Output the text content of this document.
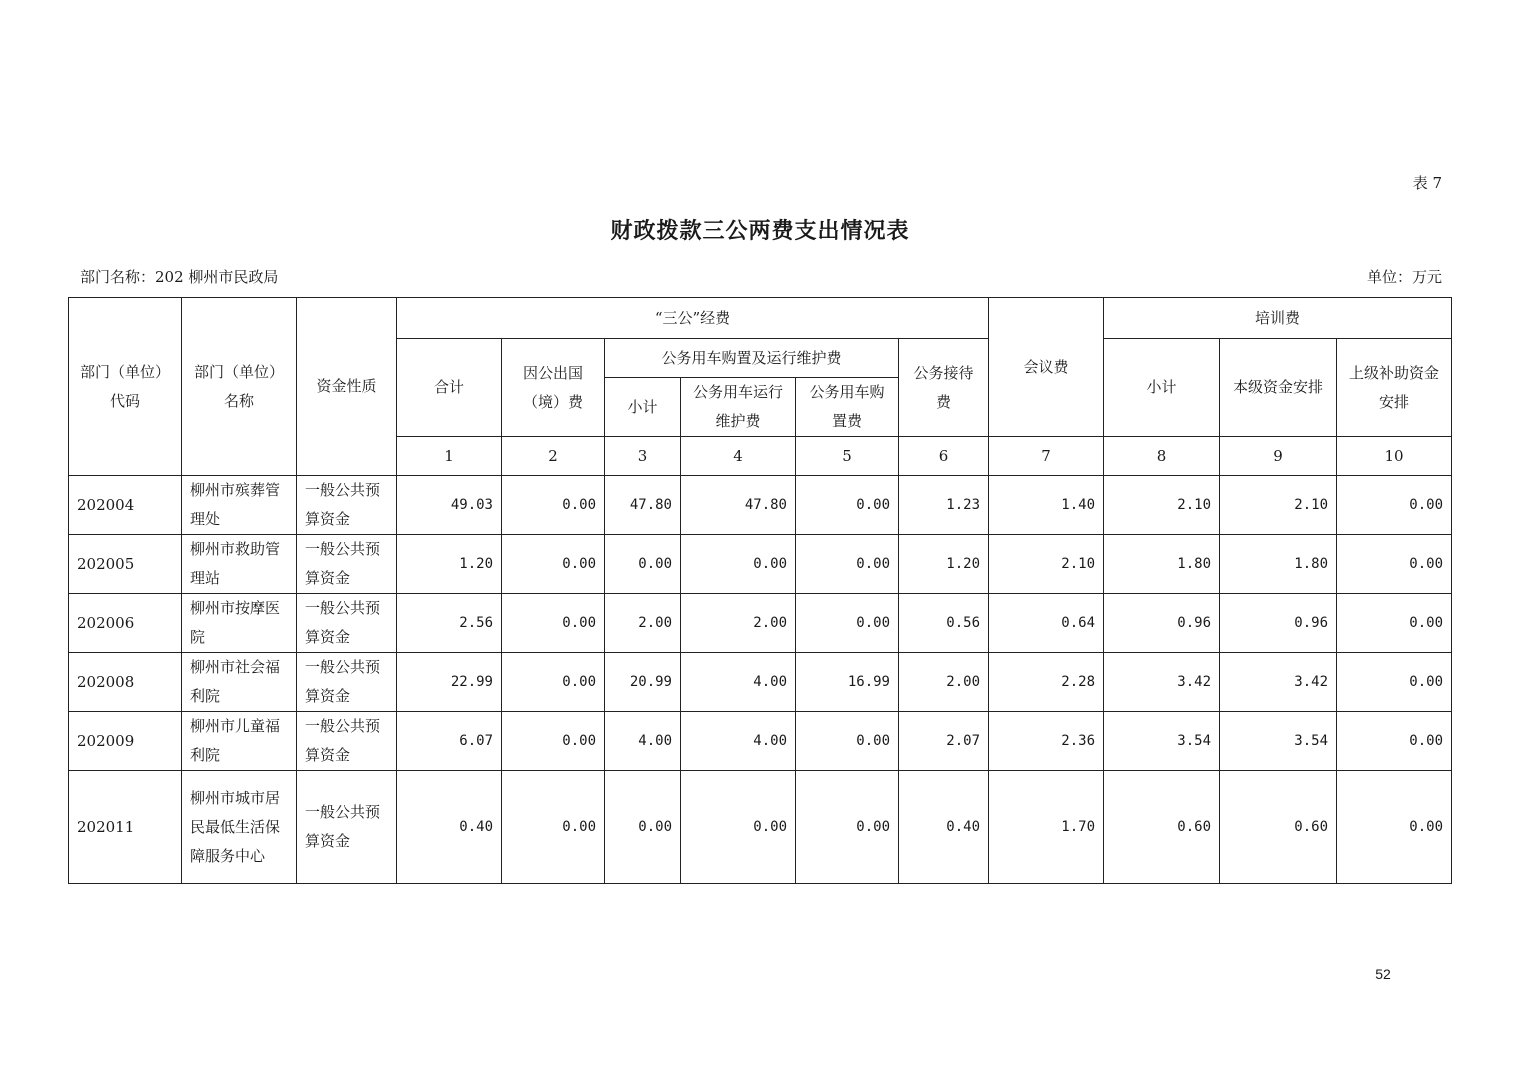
表 7
财政拨款三公两费支出情况表
部门名称：202 柳州市民政局	单位：万元
部门（单位）代码	部门（单位）名称	资金性质	“三公”经费						会议费	培训费		
			合计	因公出国（境）费	公务用车购置及运行维护费			公务接待费		小计	本级资金安排	上级补助资金安排
					小计	公务用车运行维护费	公务用车购置费					
			1	2	3	4	5	6	7	8	9	10
202004	柳州市殡葬管理处	一般公共预算资金	49.03	0.00	47.80	47.80	0.00	1.23	1.40	2.10	2.10	0.00
202005	柳州市救助管理站	一般公共预算资金	1.20	0.00	0.00	0.00	0.00	1.20	2.10	1.80	1.80	0.00
202006	柳州市按摩医院	一般公共预算资金	2.56	0.00	2.00	2.00	0.00	0.56	0.64	0.96	0.96	0.00
202008	柳州市社会福利院	一般公共预算资金	22.99	0.00	20.99	4.00	16.99	2.00	2.28	3.42	3.42	0.00
202009	柳州市儿童福利院	一般公共预算资金	6.07	0.00	4.00	4.00	0.00	2.07	2.36	3.54	3.54	0.00
202011	柳州市城市居民最低生活保障服务中心	一般公共预算资金	0.40	0.00	0.00	0.00	0.00	0.40	1.70	0.60	0.60	0.00
52
